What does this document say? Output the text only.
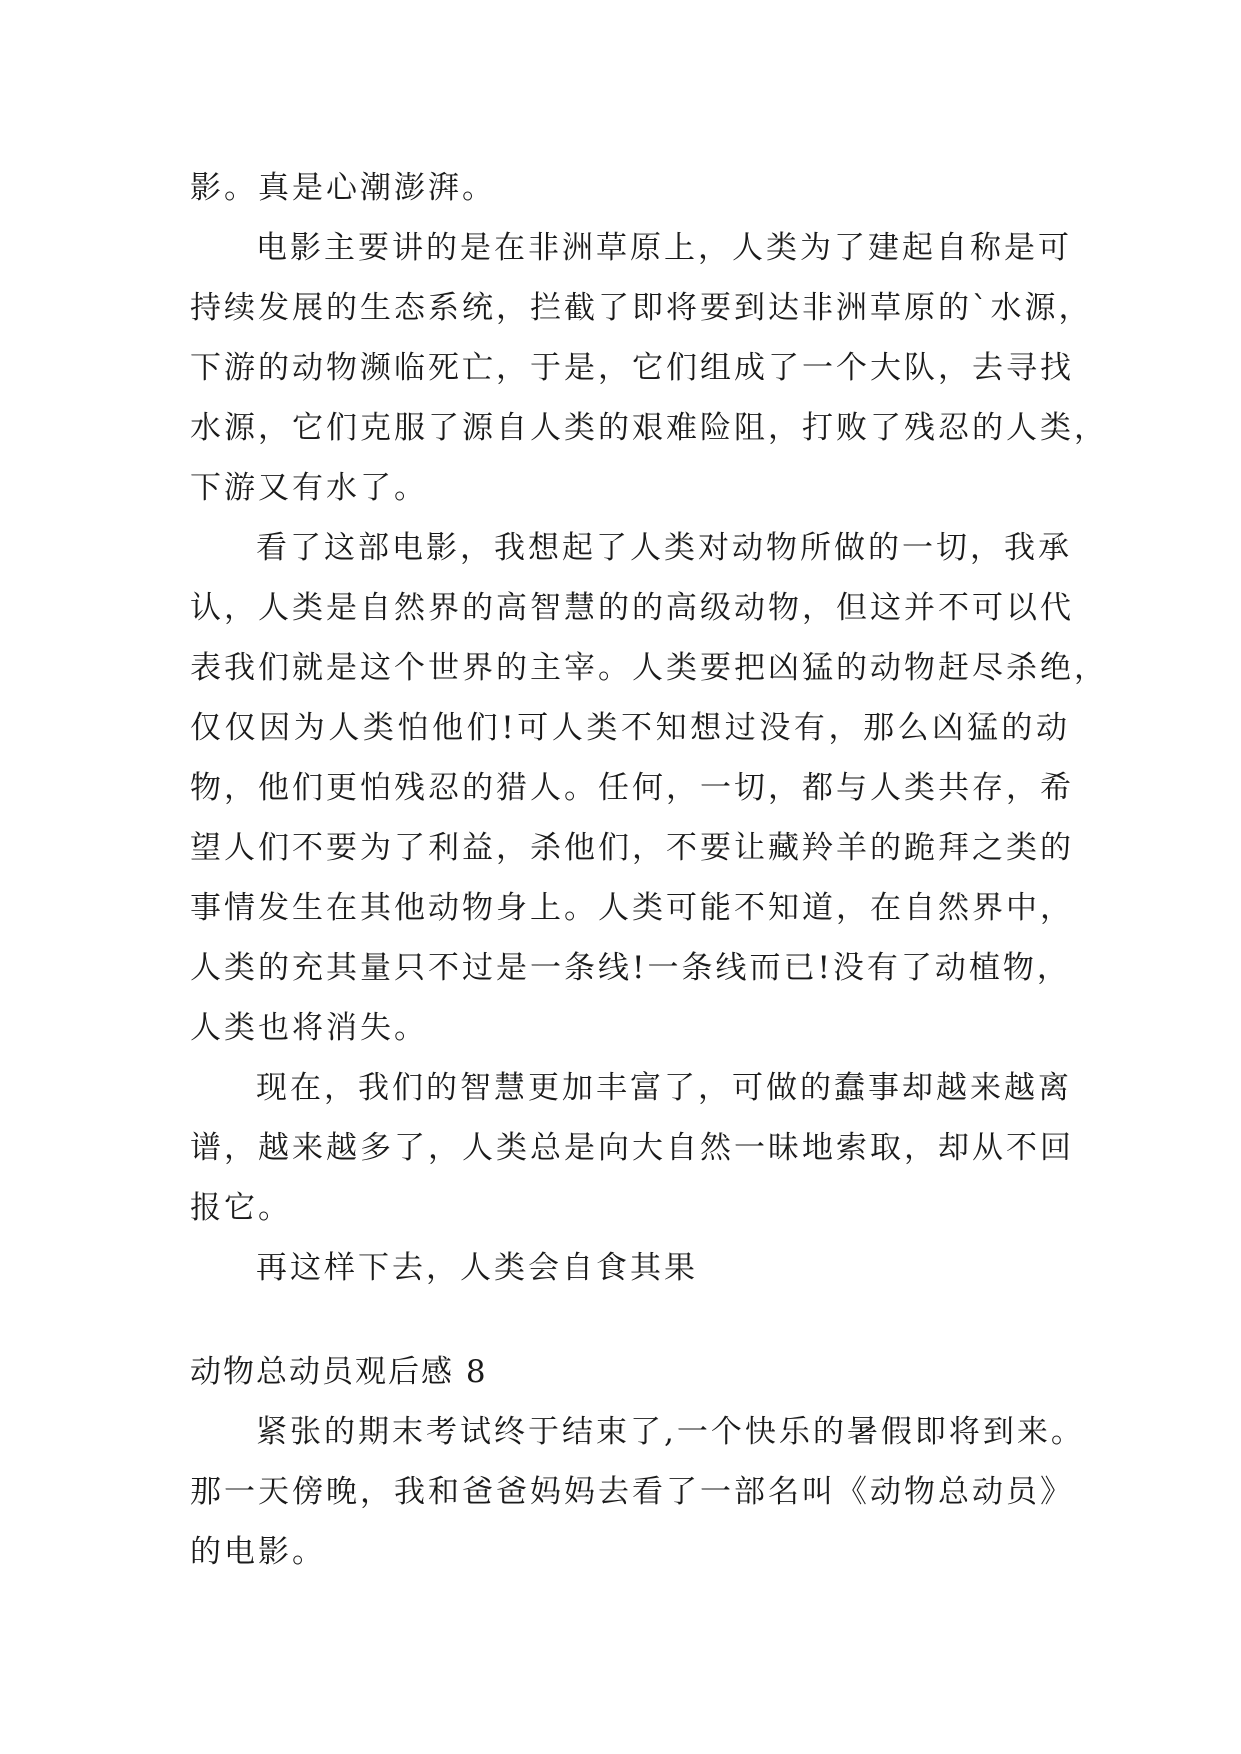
影。真是心潮澎湃。
电影主要讲的是在非洲草原上，人类为了建起自称是可
持续发展的生态系统，拦截了即将要到达非洲草原的`水源，
下游的动物濒临死亡，于是，它们组成了一个大队，去寻找
水源，它们克服了源自人类的艰难险阻，打败了残忍的人类，
下游又有水了。
看了这部电影，我想起了人类对动物所做的一切，我承
认，人类是自然界的高智慧的的高级动物，但这并不可以代
表我们就是这个世界的主宰。人类要把凶猛的动物赶尽杀绝，
仅仅因为人类怕他们!可人类不知想过没有，那么凶猛的动
物，他们更怕残忍的猎人。任何，一切，都与人类共存，希
望人们不要为了利益，杀他们，不要让藏羚羊的跪拜之类的
事情发生在其他动物身上。人类可能不知道，在自然界中，
人类的充其量只不过是一条线!一条线而已!没有了动植物，
人类也将消失。
现在，我们的智慧更加丰富了，可做的蠢事却越来越离
谱，越来越多了，人类总是向大自然一昧地索取，却从不回
报它。
再这样下去，人类会自食其果
动物总动员观后感 8
紧张的期末考试终于结束了,一个快乐的暑假即将到来。
那一天傍晚，我和爸爸妈妈去看了一部名叫《动物总动员》
的电影。
